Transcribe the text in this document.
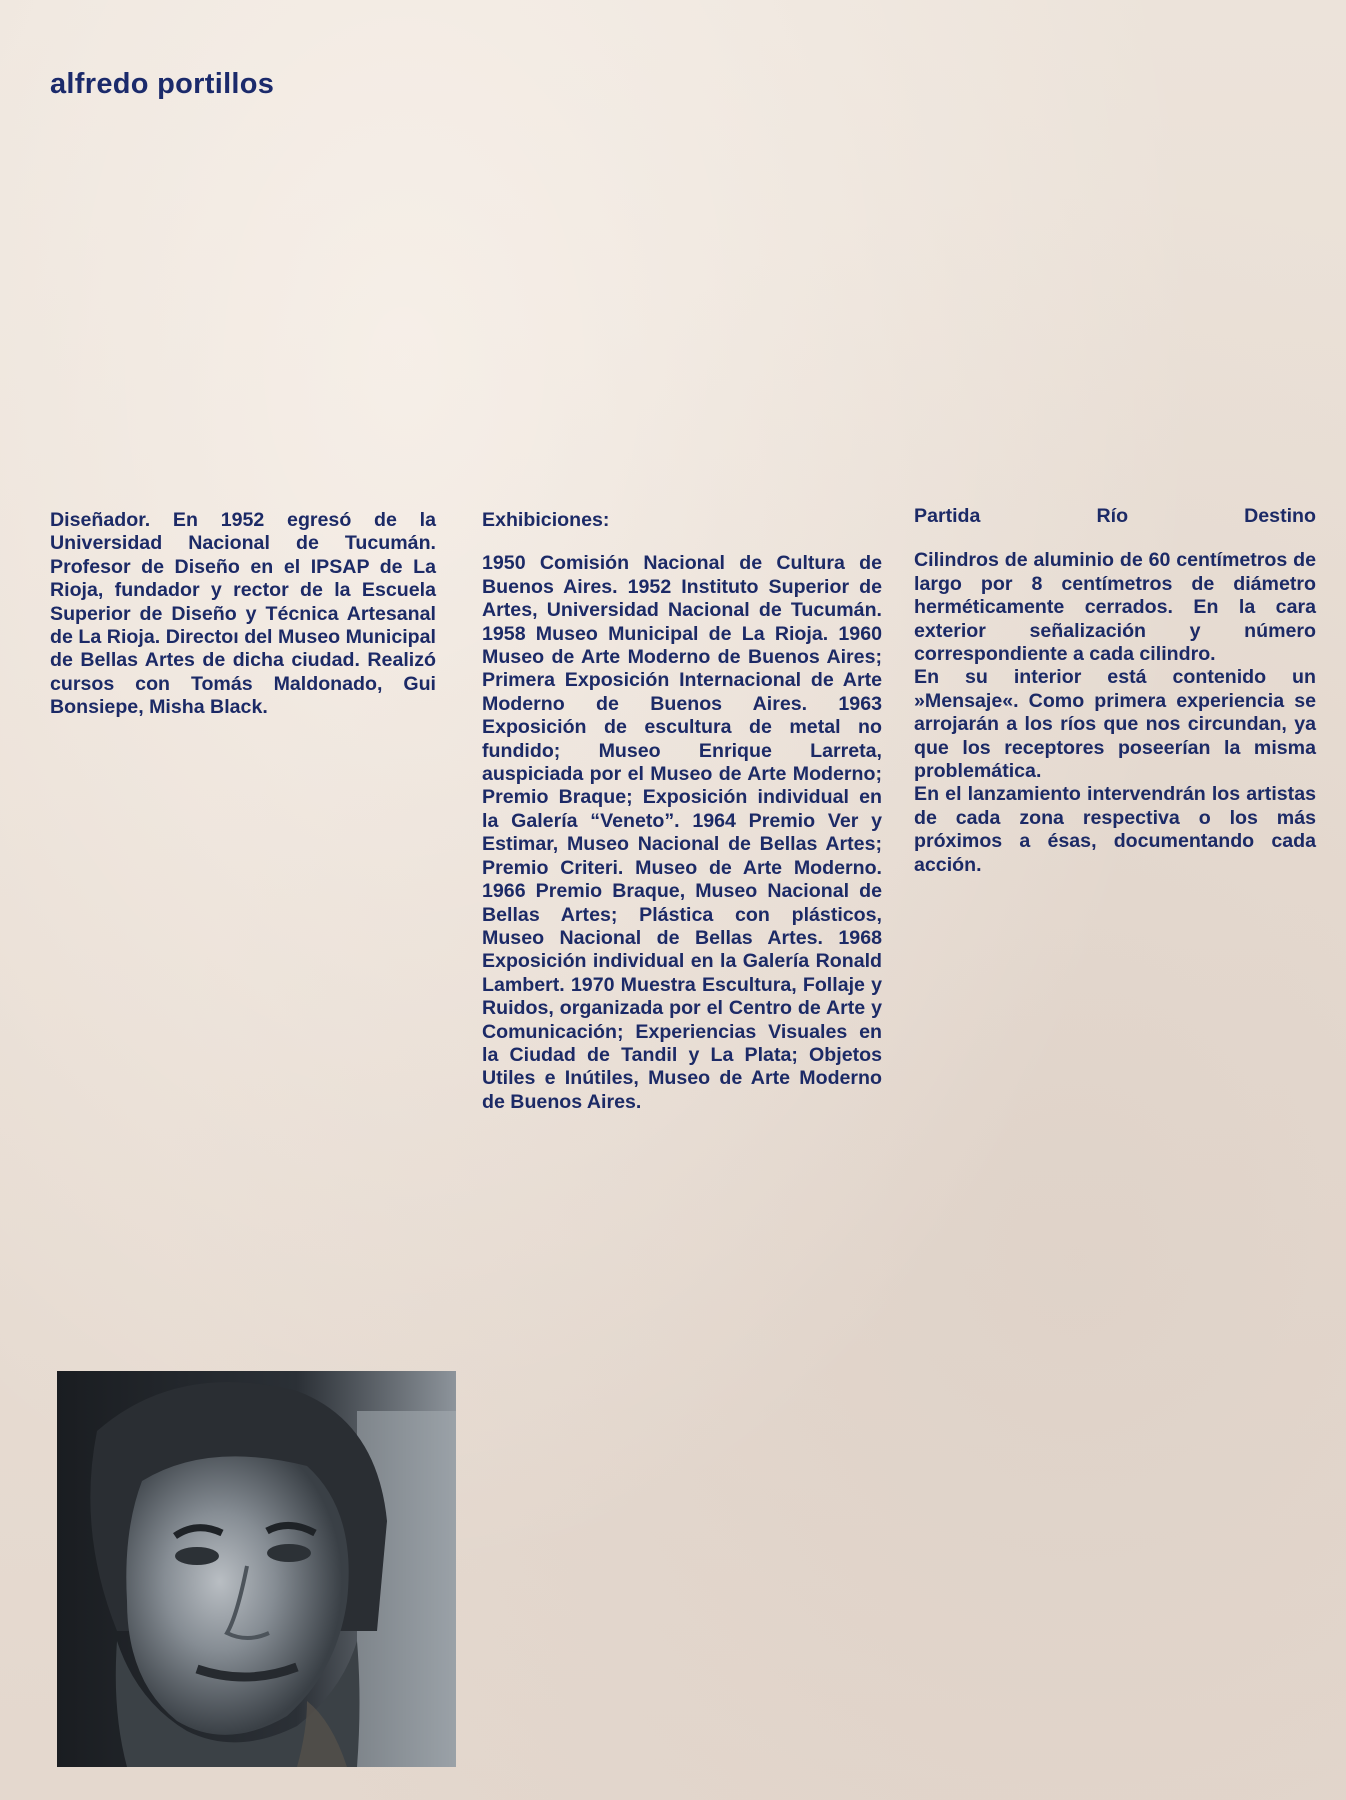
alfredo portillos

Diseñador. En 1952 egresó de la Universidad Nacional de Tucumán. Profesor de Diseño en el IPSAP de La Rioja, fundador y rector de la Escuela Superior de Diseño y Técnica Artesanal de La Rioja. Directoı del Museo Municipal de Bellas Artes de dicha ciudad. Realizó cursos con Tomás Maldonado, Gui Bonsiepe, Misha Black.

Exhibiciones:

1950 Comisión Nacional de Cultura de Buenos Aires. 1952 Instituto Superior de Artes, Universidad Nacional de Tucumán. 1958 Museo Municipal de La Rioja. 1960 Museo de Arte Moderno de Buenos Aires; Primera Exposición Internacional de Arte Moderno de Buenos Aires. 1963 Exposición de escultura de metal no fundido; Museo Enrique Larreta, auspiciada por el Museo de Arte Moderno; Premio Braque; Exposición individual en la Galería “Veneto”. 1964 Premio Ver y Estimar, Museo Nacional de Bellas Artes; Premio Criteri. Museo de Arte Moderno. 1966 Premio Braque, Museo Nacional de Bellas Artes; Plástica con plásticos, Museo Nacional de Bellas Artes. 1968 Exposición individual en la Galería Ronald Lambert. 1970 Muestra Escultura, Follaje y Ruidos, organizada por el Centro de Arte y Comunicación; Experiencias Visuales en la Ciudad de Tandil y La Plata; Objetos Utiles e Inútiles, Museo de Arte Moderno de Buenos Aires.

Partida	Río	Destino

Cilindros de aluminio de 60 centímetros de largo por 8 centímetros de diámetro herméticamente cerrados. En la cara exterior señalización y número correspondiente a cada cilindro.

En su interior está contenido un »Mensaje«. Como primera experiencia se arrojarán a los ríos que nos circundan, ya que los receptores poseerían la misma problemática.

En el lanzamiento intervendrán los artistas de cada zona respectiva o los más próximos a ésas, documentando cada acción.
